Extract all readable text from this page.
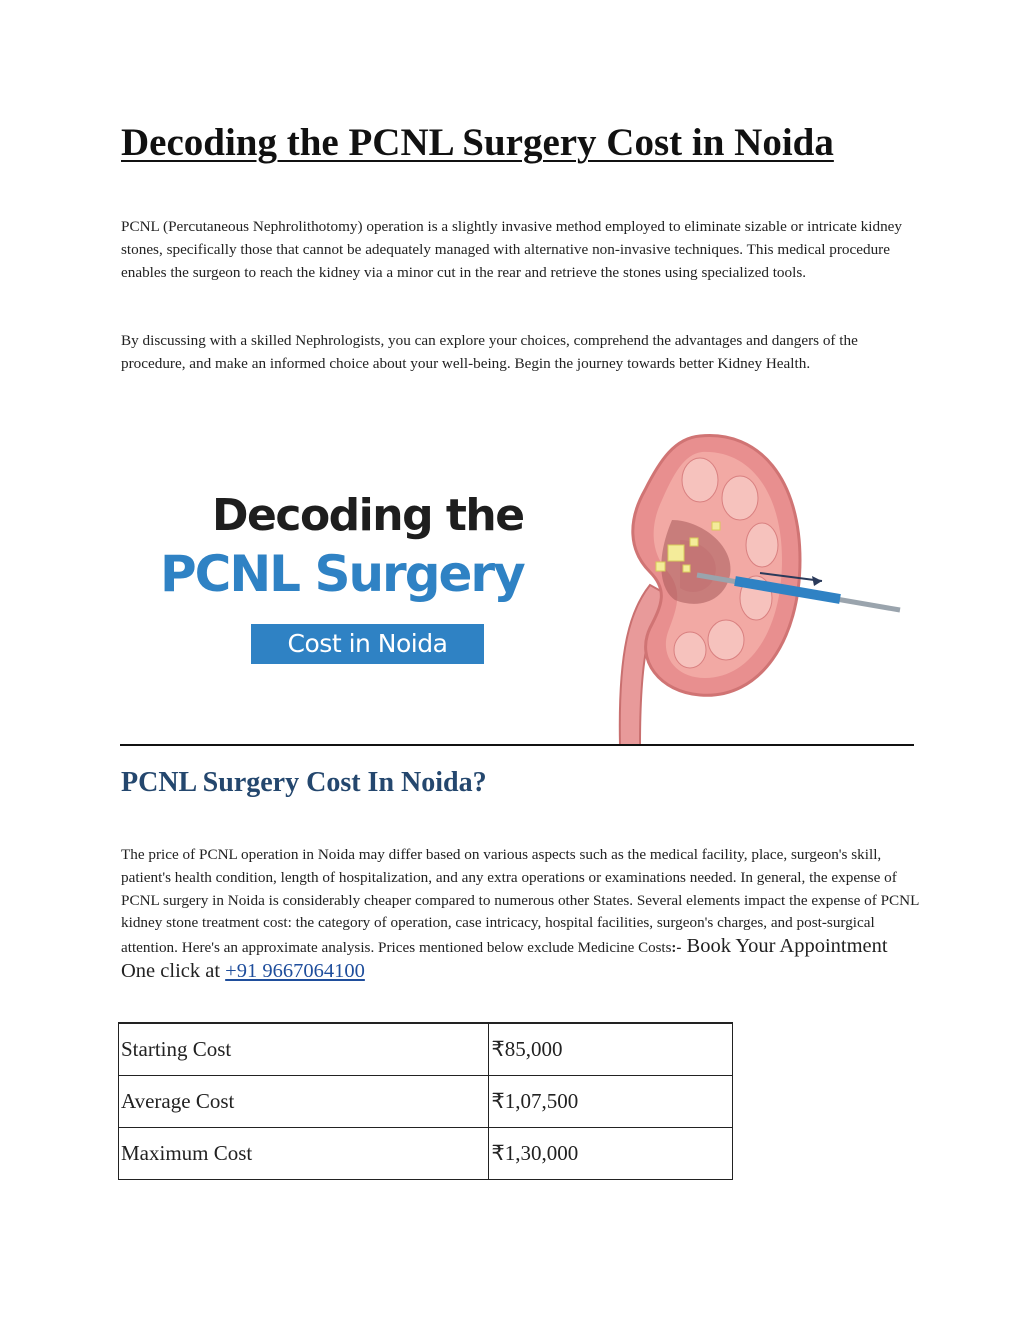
Decoding the PCNL Surgery Cost in Noida

PCNL (Percutaneous Nephrolithotomy) operation is a slightly invasive method employed to eliminate sizable or intricate kidney stones, specifically those that cannot be adequately managed with alternative non-invasive techniques. This medical procedure enables the surgeon to reach the kidney via a minor cut in the rear and retrieve the stones using specialized tools.

By discussing with a skilled Nephrologists, you can explore your choices, comprehend the advantages and dangers of the procedure, and make an informed choice about your well-being. Begin the journey towards better Kidney Health.

Decoding the
PCNL Surgery
Cost in Noida
PCNL Surgery Cost In Noida?

The price of PCNL operation in Noida may differ based on various aspects such as the medical facility, place, surgeon's skill, patient's health condition, length of hospitalization, and any extra operations or examinations needed. In general, the expense of PCNL surgery in Noida is considerably cheaper compared to numerous other States. Several elements impact the expense of PCNL kidney stone treatment cost: the category of operation, case intricacy, hospital facilities, surgeon's charges, and post-surgical attention. Here's an approximate analysis. Prices mentioned below exclude Medicine Costs:- Book Your Appointment One click at +91 9667064100

Starting Cost	₹85,000
Average Cost	₹1,07,500
Maximum Cost	₹1,30,000
